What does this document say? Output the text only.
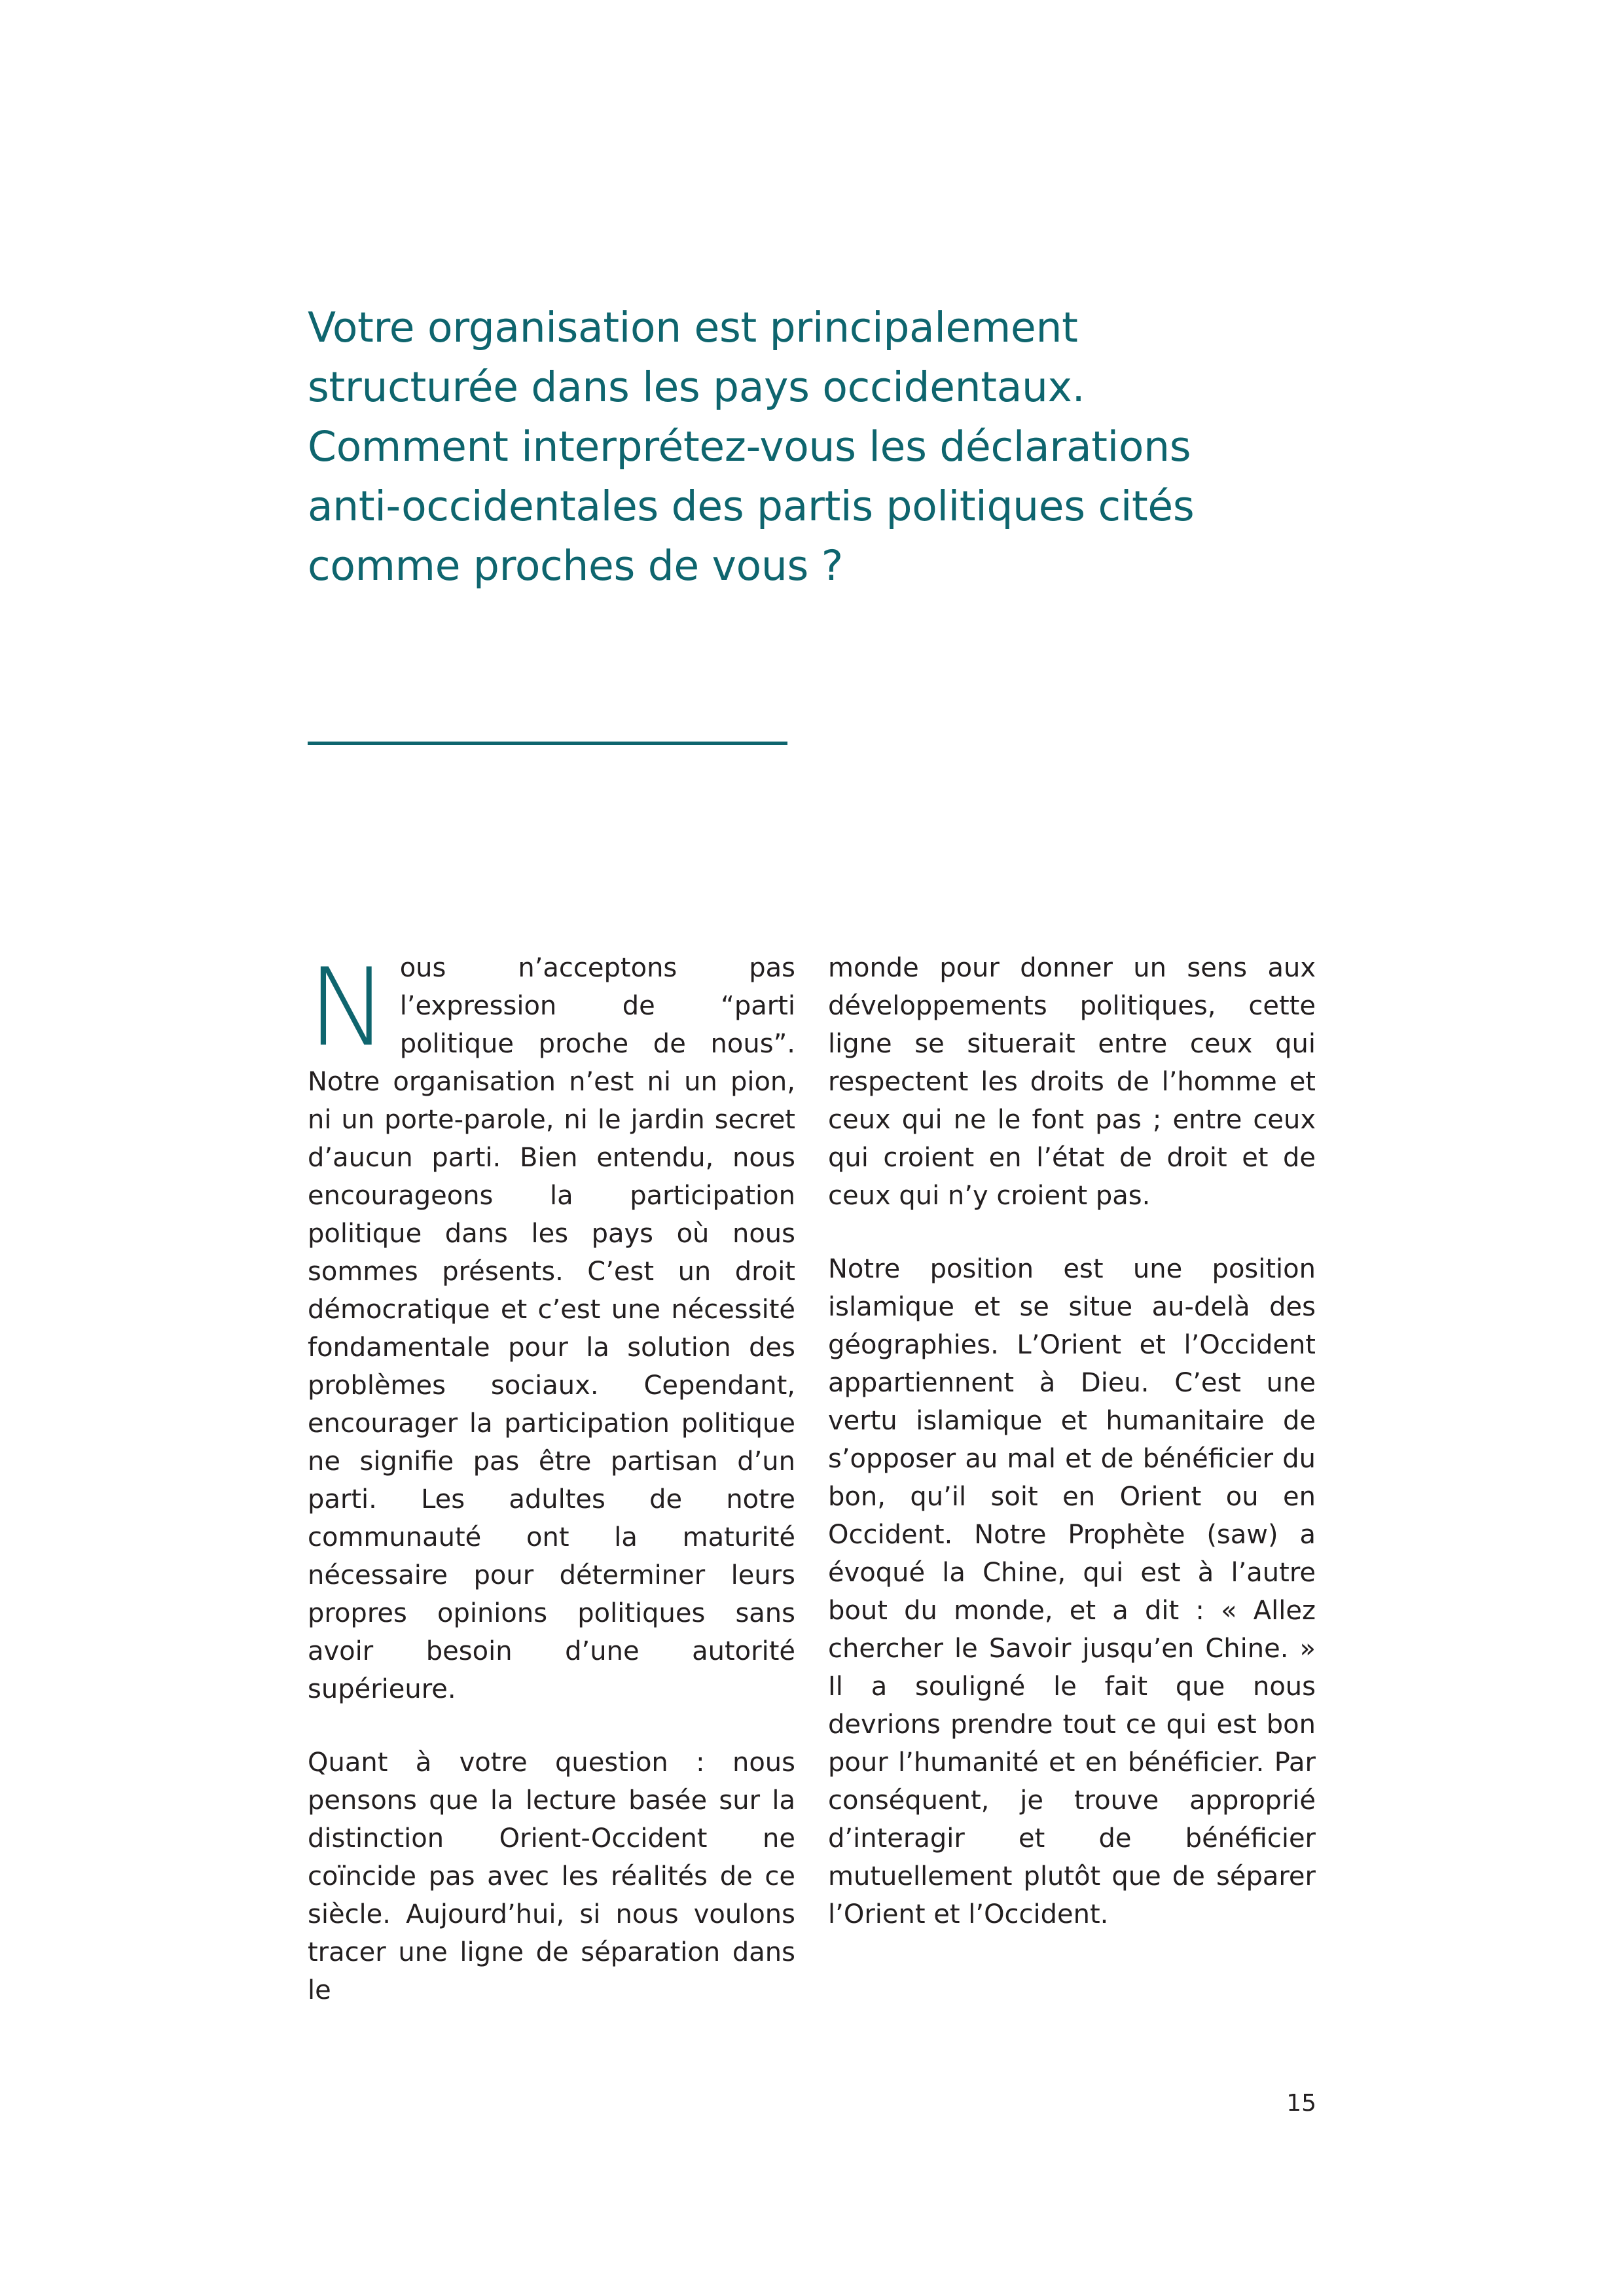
Votre organisation est principalement structurée dans les pays occidentaux. Comment interprétez-vous les déclarations anti-occidentales des partis politiques cités comme proches de vous ?

Nous n’acceptons pas l’expression de “parti politique proche de nous”. Notre organisation n’est ni un pion, ni un porte-parole, ni le jardin secret d’aucun parti. Bien entendu, nous encourageons la participation politique dans les pays où nous sommes présents. C’est un droit démocratique et c’est une nécessité fondamentale pour la solution des problèmes sociaux. Cependant, encourager la participation politique ne signifie pas être partisan d’un parti. Les adultes de notre communauté ont la maturité nécessaire pour déterminer leurs propres opinions politiques sans avoir besoin d’une autorité supérieure.

Quant à votre question : nous pensons que la lecture basée sur la distinction Orient-Occident ne coïncide pas avec les réalités de ce siècle. Aujourd’hui, si nous voulons tracer une ligne de séparation dans le

monde pour donner un sens aux développements politiques, cette ligne se situerait entre ceux qui respectent les droits de l’homme et ceux qui ne le font pas ; entre ceux qui croient en l’état de droit et de ceux qui n’y croient pas.

Notre position est une position islamique et se situe au-delà des géographies. L’Orient et l’Occident appartiennent à Dieu. C’est une vertu islamique et humanitaire de s’opposer au mal et de bénéficier du bon, qu’il soit en Orient ou en Occident. Notre Prophète (saw) a évoqué la Chine, qui est à l’autre bout du monde, et a dit : « Allez chercher le Savoir jusqu’en Chine. » Il a souligné le fait que nous devrions prendre tout ce qui est bon pour l’humanité et en bénéficier. Par conséquent, je trouve approprié d’interagir et de bénéficier mutuellement plutôt que de séparer l’Orient et l’Occident.

15
